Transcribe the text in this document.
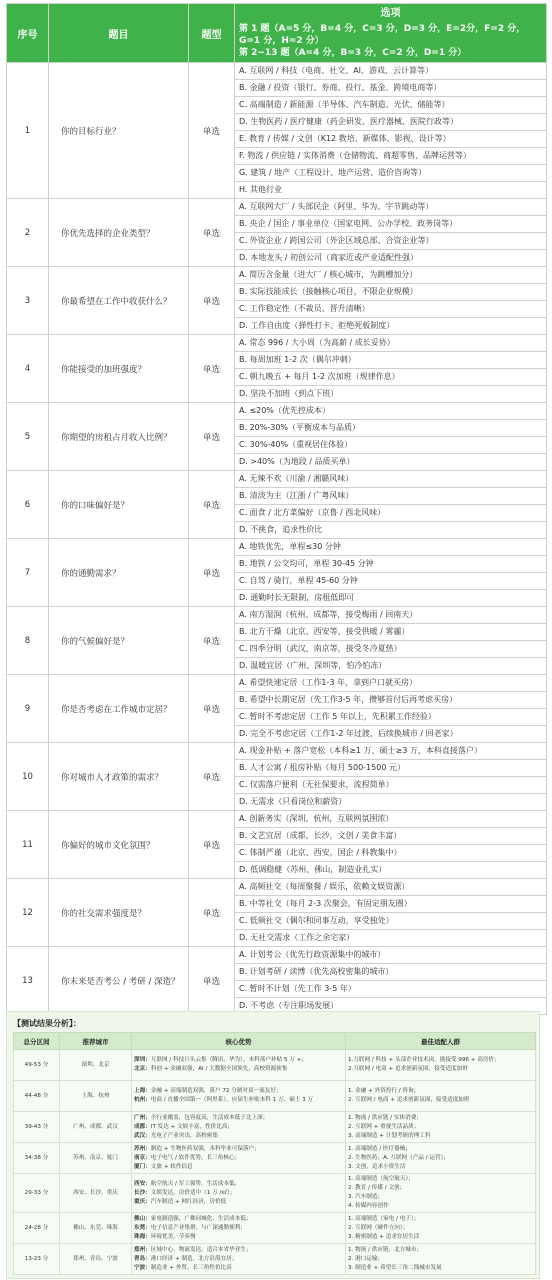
序号	题目	题型	选项
第 1 题（A=5 分，B=4 分，C=3 分，D=3 分，E=2分，F=2 分，G=1 分，H=2 分）
第 2~13 题（A=4 分，B=3 分，C=2 分，D=1 分）

1	你的目标行业？	单选	A. 互联网 / 科技（电商、社交、AI、游戏、云计算等）
			B. 金融 / 投资（银行、券商、投行、基金、跨境电商等）
			C. 高端制造 / 新能源（半导体、汽车制造、光伏、储能等）
			D. 生物医药 / 医疗健康（药企研发、医疗器械、医院行政等）
			E. 教育 / 传媒 / 文创（K12 教培、新媒体、影视、设计等）
			F. 物流 / 供应链 / 实体消费（仓储物流、商超零售、品牌运营等）
			G. 建筑 / 地产（工程设计、地产运营、造价咨询等）
			H. 其他行业
2	你优先选择的企业类型？	单选	A. 互联网大厂 / 头部民企（阿里、华为、字节跳动等）
			B. 央企 / 国企 / 事业单位（国家电网、公办学校、政务岗等）
			C. 外资企业 / 跨国公司（外企区域总部、合资企业等）
			D. 本地龙头 / 初创公司（商家近或产业适配性强）
3	你最希望在工作中收获什么？	单选	A. 简历含金量（进大厂 / 核心城市，为跳槽加分）
			B. 实际技能成长（接触核心项目，不限企业规模）
			C. 工作稳定性（不裁员、晋升清晰）
			D. 工作自由度（弹性打卡、拒绝死板制度）
4	你能接受的加班强度？	单选	A. 常态 996 / 大小周（为高薪 / 成长妥协）
			B. 每周加班 1-2 次（偶尔冲刺）
			C. 朝九晚五 + 每月 1-2 次加班（规律作息）
			D. 坚决不加班（到点下班）
5	你期望的房租占月收入比例？	单选	A. ≤20%（优先控成本）
			B. 20%-30%（平衡成本与品质）
			C. 30%-40%（重视居住体验）
			D. >40%（为地段 / 品质买单）
6	你的口味偏好是？	单选	A. 无辣不欢（川渝 / 湘赣风味）
			B. 清淡为主（江浙 / 广粤风味）
			C. 面食 / 北方菜偏好（京鲁 / 西北风味）
			D. 不挑食，追求性价比
7	你的通勤需求？	单选	A. 地铁优先，单程≤30 分钟
			B. 地铁 / 公交均可，单程 30-45 分钟
			C. 自驾 / 骑行，单程 45-60 分钟
			D. 通勤时长无限制，房租低即可
8	你的气候偏好是？	单选	A. 南方湿润（杭州、成都等，接受梅雨 / 回南天）
			B. 北方干燥（北京、西安等，接受供暖 / 雾霾）
			C. 四季分明（武汉、南京等，接受冬冷夏热）
			D. 温暖宜居（广州、深圳等，怕冷怕冻）
9	你是否考虑在工作城市定居？	单选	A. 希望快速定居（工作1-3 年，拿到户口就买房）
			B. 希望中长期定居（先工作3-5 年，攒够首付后再考虑买房）
			C. 暂时不考虑定居（工作 5 年以上，先积累工作经验）
			D. 完全不考虑定居（工作1-2 年过渡，后续换城市 / 回老家）
10	你对城市人才政策的需求？	单选	A. 现金补贴 + 落户宽松（本科≥1 万、硕士≥3 万，本科直接落户）
			B. 人才公寓 / 租房补贴（每月 500-1500 元）
			C. 仅需落户便利（无社保要求，流程简单）
			D. 无需求（只看岗位和薪资）
11	你偏好的城市文化氛围？	单选	A. 创新务实（深圳、杭州，互联网氛围浓）
			B. 文艺宜居（成都、长沙，文创 / 美食丰富）
			C. 体制严谨（北京、西安，国企 / 科教集中）
			D. 低调稳健（苏州、佛山，制造业扎实）
12	你的社交需求强度是？	单选	A. 高频社交（每周聚餐 / 娱乐，依赖文娱资源）
			B. 中等社交（每月 2-3 次聚会，有固定朋友圈）
			C. 低频社交（偶尔和同事互动，享受独处）
			D. 无社交需求（工作之余宅家）
13	你未来是否考公 / 考研 / 深造？	单选	A. 计划考公（优先行政资源集中的城市）
			B. 计划考研 / 读博（优先高校密集的城市）
			C. 暂时不计划（先工作 3-5 年）
			D. 不考虑（专注职场发展）
【测试结果分析】：
总分区间	推荐城市	核心优势	最佳适配人群
49-53 分	深圳、北京	深圳：互联网 / 科技巨头云集（腾讯、华为），本科落户补贴 5 万 +；
北京：科创 + 金融双强，AI / 大数据全国领先，高校资源密集	1.互联网 / 科技 + 头部企业技术岗，能接受 996 + 高房价；
2.互联网 / 电商 + 追求创新氛围，接受适度加班

44-48 分	上海、杭州	上海：金融 + 高端制造双强，落户 72 分制对双一流友好；
杭州：电商 / 直播全国第一（阿里系），应届生补贴本科 1 万、硕士 3 万	1. 金融 + 外资投行 / 咨询；
2. 互联网 / 电商 + 追求创新氛围，接受适度加班

39-43 分	广州、成都、武汉	广州：全行业覆盖，包容度高，生活成本低于北上深；
成都：IT 发达 + 文娱丰富，性价比高；
武汉：光电子产业突出，高校密集	1. 物流 / 供应链 / 实体消费；
2. 互联网 + 重视生活品质；
3. 高端制造 + 计划考研的理工科

34-38 分	苏州、南京、厦门	苏州：制造 + 生物医药双强，本科毕业可保落户；
南京：电子电气 / 软件优势，长三角核心；
厦门：文旅 + 软件信息	1. 高端制造 / 医疗器械；
2. 生物医药；A. 互联网（产品 / 运营）；
3. 文创，追求小资生活

29-33 分	西安、长沙、重庆	西安：航空航天 / 军工强势，生活成本低；
长沙：文娱发达，房价适中（1 万 /㎡）；
重庆：汽车制造 + 网红经济，房价低	1. 高端制造（航空航天）；
2. 教育 / 传媒 / 文创；
3. 汽车制造；
4. 传媒内容创作

24-28 分	佛山、东莞、珠海	佛山：家电制造强，广佛同城化，生活成本低；
东莞：电子信息产业集群，与广深通勤便利；
珠海：环境优美，节奏慢	1. 高端制造（家电 / 电子）；
2. 互联网（硬件方向）；
3. 精密制造 + 追求宜居生活

13-23 分	郑州、青岛、宁波	郑州：区域中心、物流发达，适合本省毕业生；
青岛：港口经济 + 制造，北方沿海宜居；
宁波：制造业 + 外贸，长三角性价比高	1. 物流 / 供应链，北方城市；
2. 港口运输；
3. 制造业 + 希望长三角二线城市发展
